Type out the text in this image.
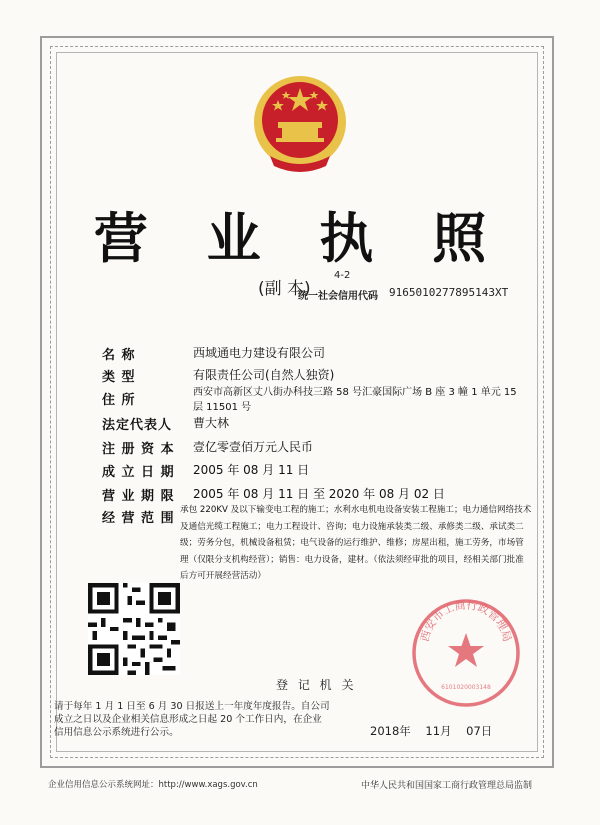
营 业 执 照
(副 本)
4-2
统一社会信用代码 9165010277895143XT
名 称	西域通电力建设有限公司
类 型	有限责任公司(自然人独资)
住 所
西安市高新区丈八街办科技三路 58 号汇豪国际广场 B 座 3 幢 1 单元 15
层 11501 号
法定代表人 曹大林
注 册 资 本 壹亿零壹佰万元人民币
成 立 日 期 2005 年 08 月 11 日
营 业 期 限 2005 年 08 月 11 日 至 2020 年 08 月 02 日
经 营 范 围
承包 220KV 及以下输变电工程的施工；水利水电机电设备安装工程施工；电力通信网络技术
及通信光缆工程施工；电力工程设计、咨询；电力设施承装类二级、承修类二级、承试类二
级；劳务分包，机械设备租赁；电气设备的运行维护、维修；房屋出租，施工劳务，市场管
理（仅限分支机构经营）；销售：电力设备，建材。（依法须经审批的项目，经相关部门批准
后方可开展经营活动）
西安市工商行政管理局
6101020003148
登 记 机 关
请于每年 1 月 1 日至 6 月 30 日报送上一年度年度报告。自公司
成立之日以及企业相关信息形成之日起 20 个工作日内，在企业
信用信息公示系统进行公示。	2018年    11月    07日
企业信用信息公示系统网址：http://www.xags.gov.cn	中华人民共和国国家工商行政管理总局监制
